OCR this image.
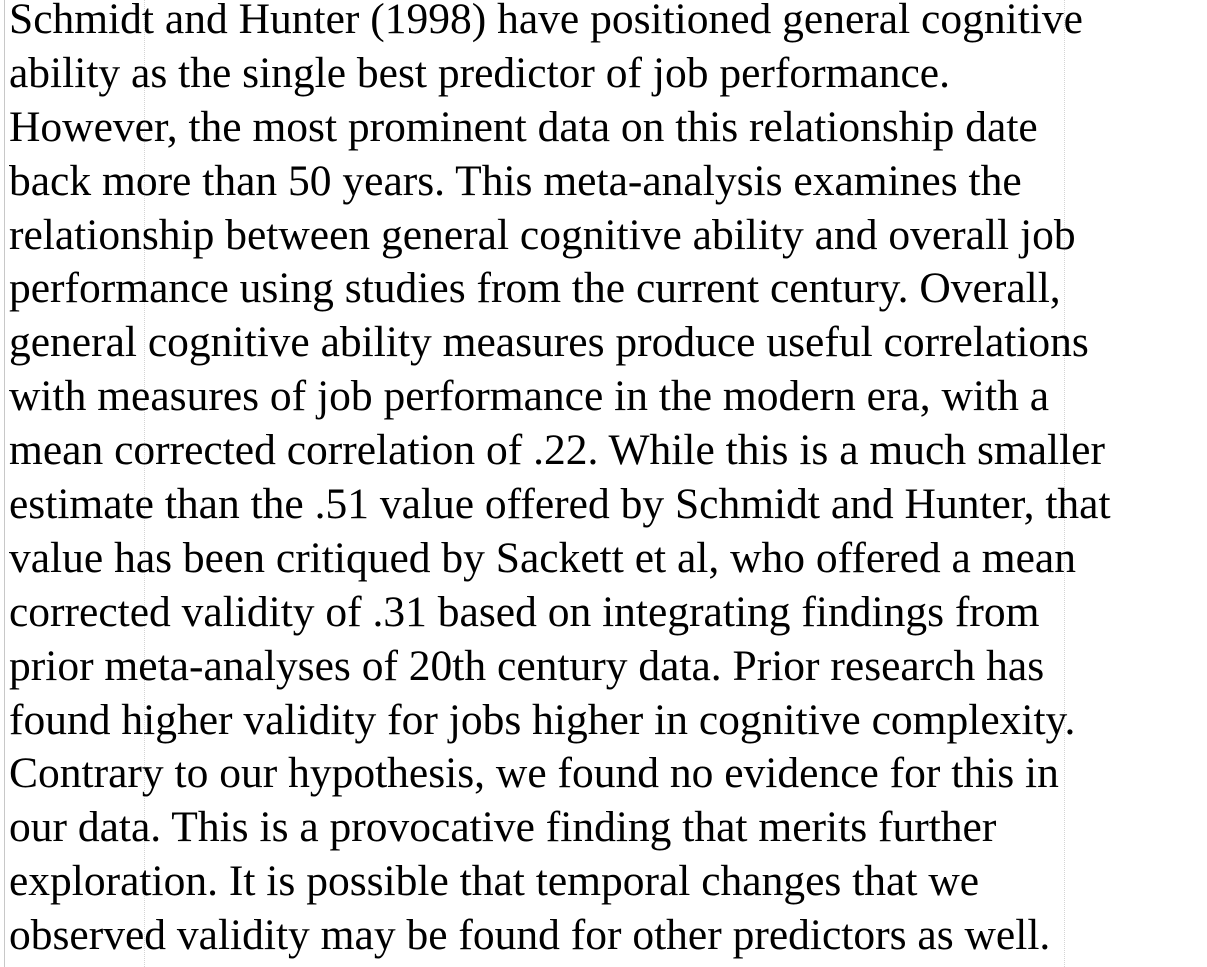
Schmidt and Hunter (1998) have positioned general cognitive
ability as the single best predictor of job performance.
However, the most prominent data on this relationship date
back more than 50 years. This meta-analysis examines the
relationship between general cognitive ability and overall job
performance using studies from the current century. Overall,
general cognitive ability measures produce useful correlations
with measures of job performance in the modern era, with a
mean corrected correlation of .22. While this is a much smaller
estimate than the .51 value offered by Schmidt and Hunter, that
value has been critiqued by Sackett et al, who offered a mean
corrected validity of .31 based on integrating findings from
prior meta-analyses of 20th century data. Prior research has
found higher validity for jobs higher in cognitive complexity.
Contrary to our hypothesis, we found no evidence for this in
our data. This is a provocative finding that merits further
exploration. It is possible that temporal changes that we
observed validity may be found for other predictors as well.
